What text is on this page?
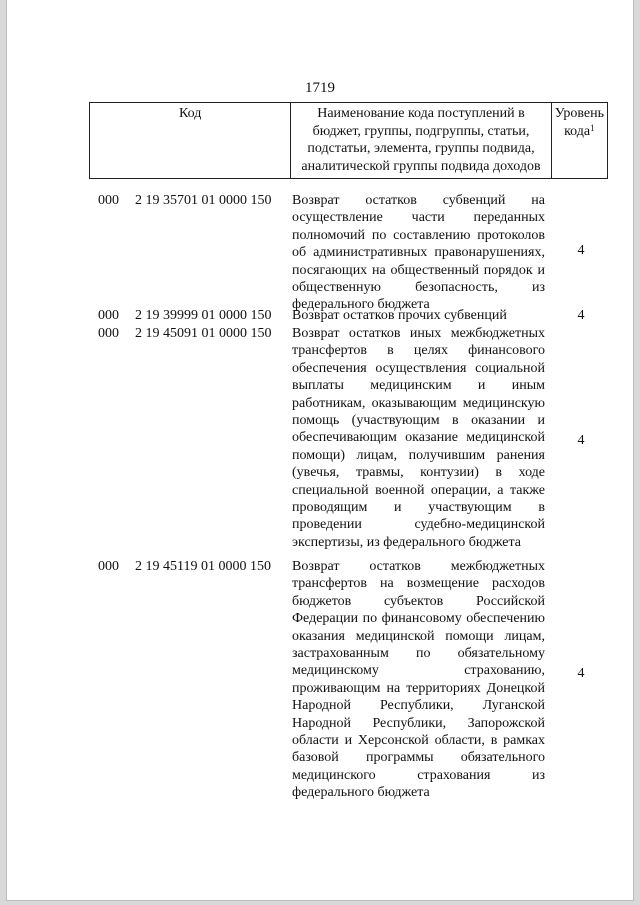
1719
Код	Наименование кода поступлений в бюджет, группы, подгруппы, статьи, подстатьи, элемента, группы подвида, аналитической группы подвида доходов	Уровень кода$^1$
000 2 19 35701 01 0000 150 Возврат остатков субвенций на осуществление части переданных полномочий по составлению протоколов об административных правонарушениях, посягающих на общественный порядок и общественную безопасность, из федерального бюджета
4
000 2 19 39999 01 0000 150 Возврат остатков прочих субвенций	4
000 2 19 45091 01 0000 150 Возврат остатков иных межбюджетных трансфертов в целях финансового обеспечения осуществления социальной выплаты медицинским и иным работникам, оказывающим медицинскую помощь (участвующим в оказании и обеспечивающим оказание медицинской помощи) лицам, получившим ранения (увечья, травмы, контузии) в ходе специальной военной операции, а также проводящим и участвующим в проведении судебно-медицинской экспертизы, из федерального бюджета
4
000 2 19 45119 01 0000 150 Возврат остатков межбюджетных трансфертов на возмещение расходов бюджетов субъектов Российской Федерации по финансовому обеспечению оказания медицинской помощи лицам, застрахованным по обязательному медицинскому страхованию, проживающим на территориях Донецкой Народной Республики, Луганской Народной Республики, Запорожской области и Херсонской области, в рамках базовой программы обязательного медицинского страхования из федерального бюджета
4
